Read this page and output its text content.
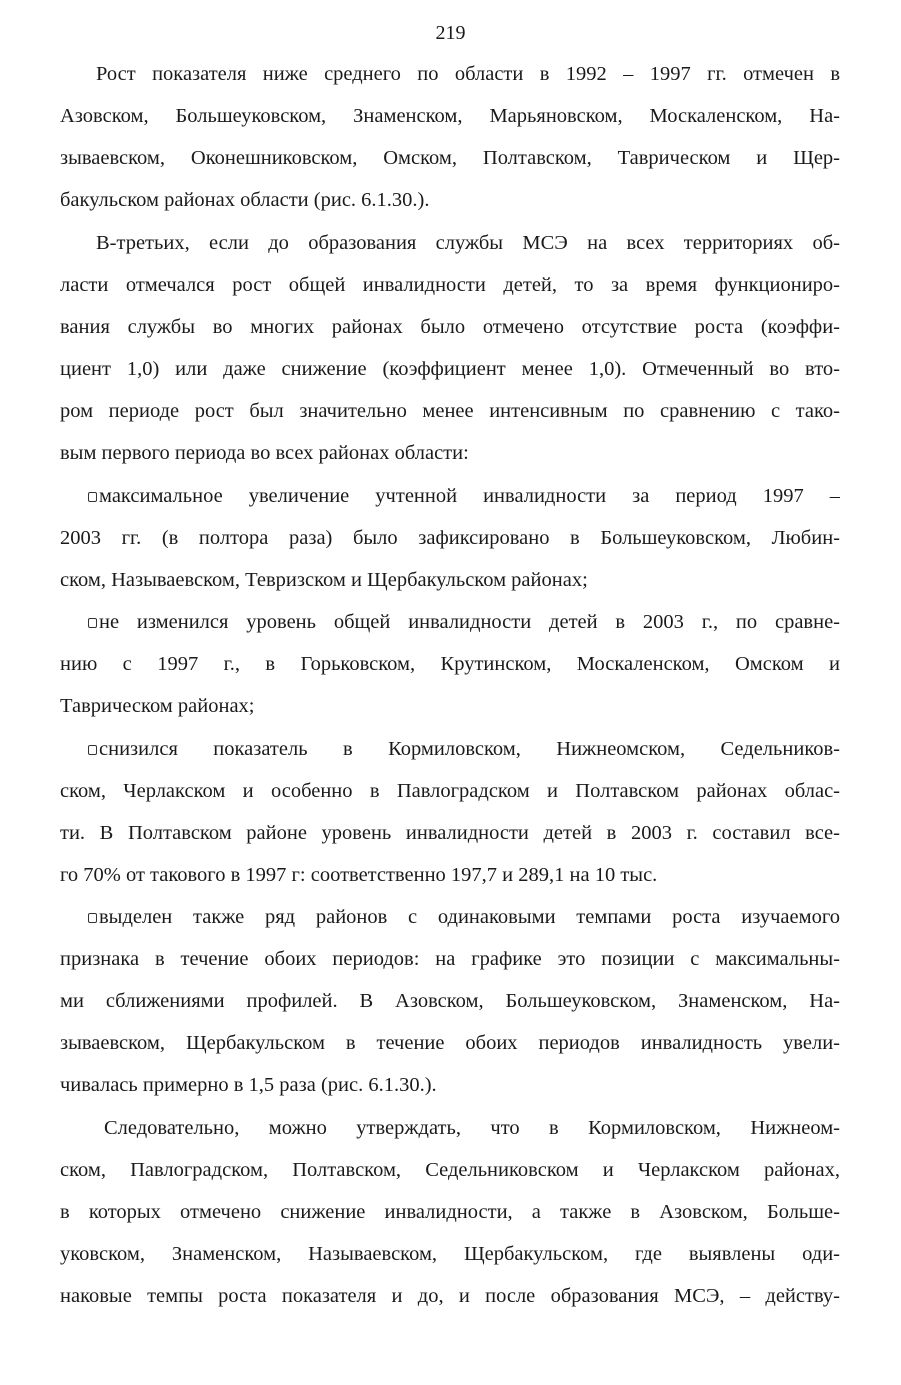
219
Рост показателя ниже среднего по области в 1992 – 1997 гг. отмечен в
Азовском, Большеуковском, Знаменском, Марьяновском, Москаленском, На-
зываевском, Оконешниковском, Омском, Полтавском, Таврическом и Щер-
бакульском районах области (рис. 6.1.30.).
В-третьих, если до образования службы МСЭ на всех территориях об-
ласти отмечался рост общей инвалидности детей, то за время функциониро-
вания службы во многих районах было отмечено отсутствие роста (коэффи-
циент 1,0) или даже снижение (коэффициент менее 1,0). Отмеченный во вто-
ром периоде рост был значительно менее интенсивным по сравнению с тако-
вым первого периода во всех районах области:
максимальное увеличение учтенной инвалидности за период 1997 –
2003 гг. (в полтора раза) было зафиксировано в Большеуковском, Любин-
ском, Называевском, Тевризском и Щербакульском районах;
не изменился уровень общей инвалидности детей в 2003 г., по сравне-
нию с 1997 г., в Горьковском, Крутинском, Москаленском, Омском и
Таврическом районах;
снизился показатель в Кормиловском, Нижнеомском, Седельников-
ском, Черлакском и особенно в Павлоградском и Полтавском районах облас-
ти. В Полтавском районе уровень инвалидности детей в 2003 г. составил все-
го 70% от такового в 1997 г: соответственно 197,7 и 289,1 на 10 тыс.
выделен также ряд районов с одинаковыми темпами роста изучаемого
признака в течение обоих периодов: на графике это позиции с максимальны-
ми сближениями профилей. В Азовском, Большеуковском, Знаменском, На-
зываевском, Щербакульском в течение обоих периодов инвалидность увели-
чивалась примерно в 1,5 раза (рис. 6.1.30.).
Следовательно, можно утверждать, что в Кормиловском, Нижнеом-
ском, Павлоградском, Полтавском, Седельниковском и Черлакском районах,
в которых отмечено снижение инвалидности, а также в Азовском, Больше-
уковском, Знаменском, Называевском, Щербакульском, где выявлены оди-
наковые темпы роста показателя и до, и после образования МСЭ, – действу-
